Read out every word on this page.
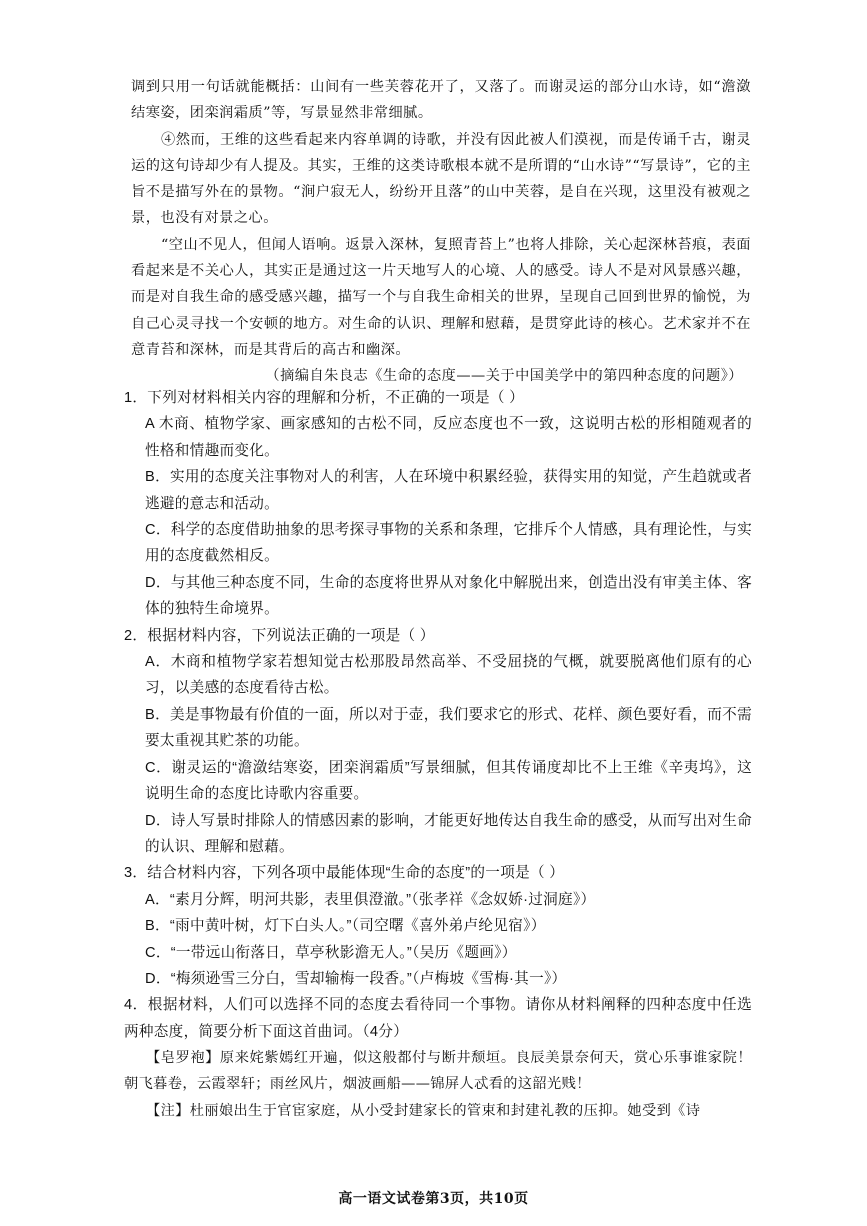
调到只用一句话就能概括：山间有一些芙蓉花开了，又落了。而谢灵运的部分山水诗，如“澹潋结寒姿，团栾润霜质”等，写景显然非常细腻。

④然而，王维的这些看起来内容单调的诗歌，并没有因此被人们漠视，而是传诵千古，谢灵运的这句诗却少有人提及。其实，王维的这类诗歌根本就不是所谓的“山水诗”“写景诗”，它的主旨不是描写外在的景物。“涧户寂无人，纷纷开且落”的山中芙蓉，是自在兴现，这里没有被观之景，也没有对景之心。

“空山不见人，但闻人语响。返景入深林，复照青苔上”也将人排除，关心起深林苔痕，表面看起来是不关心人，其实正是通过这一片天地写人的心境、人的感受。诗人不是对风景感兴趣，而是对自我生命的感受感兴趣，描写一个与自我生命相关的世界，呈现自己回到世界的愉悦，为自己心灵寻找一个安顿的地方。对生命的认识、理解和慰藉，是贯穿此诗的核心。艺术家并不在意青苔和深林，而是其背后的高古和幽深。

（摘编自朱良志《生命的态度——关于中国美学中的第四种态度的问题》）

1．下列对材料相关内容的理解和分析，不正确的一项是（ ）

A 木商、植物学家、画家感知的古松不同，反应态度也不一致，这说明古松的形相随观者的性格和情趣而变化。

B．实用的态度关注事物对人的利害，人在环境中积累经验，获得实用的知觉，产生趋就或者逃避的意志和活动。

C．科学的态度借助抽象的思考探寻事物的关系和条理，它排斥个人情感，具有理论性，与实用的态度截然相反。

D．与其他三种态度不同，生命的态度将世界从对象化中解脱出来，创造出没有审美主体、客体的独特生命境界。

2．根据材料内容，下列说法正确的一项是（ ）

A．木商和植物学家若想知觉古松那股昂然高举、不受屈挠的气概，就要脱离他们原有的心习，以美感的态度看待古松。

B．美是事物最有价值的一面，所以对于壶，我们要求它的形式、花样、颜色要好看，而不需要太重视其贮茶的功能。

C．谢灵运的“澹潋结寒姿，团栾润霜质”写景细腻，但其传诵度却比不上王维《辛夷坞》，这说明生命的态度比诗歌内容重要。

D．诗人写景时排除人的情感因素的影响，才能更好地传达自我生命的感受，从而写出对生命的认识、理解和慰藉。

3．结合材料内容，下列各项中最能体现“生命的态度”的一项是（ ）

A．“素月分辉，明河共影，表里俱澄澈。”（张孝祥《念奴娇·过洞庭》）

B．“雨中黄叶树，灯下白头人。”（司空曙《喜外弟卢纶见宿》）

C．“一带远山衔落日，草亭秋影澹无人。”（吴历《题画》）

D．“梅须逊雪三分白，雪却输梅一段香。”（卢梅坡《雪梅·其一》）

4．根据材料，人们可以选择不同的态度去看待同一个事物。请你从材料阐释的四种态度中任选两种态度，简要分析下面这首曲词。（4分）

【皂罗袍】原来姹紫嫣红开遍，似这般都付与断井颓垣。良辰美景奈何天，赏心乐事谁家院！朝飞暮卷，云霞翠轩；雨丝风片，烟波画船——锦屏人忒看的这韶光贱！

【注】杜丽娘出生于官宦家庭，从小受封建家长的管束和封建礼教的压抑。她受到《诗

高一语文试卷第3页，共10页
